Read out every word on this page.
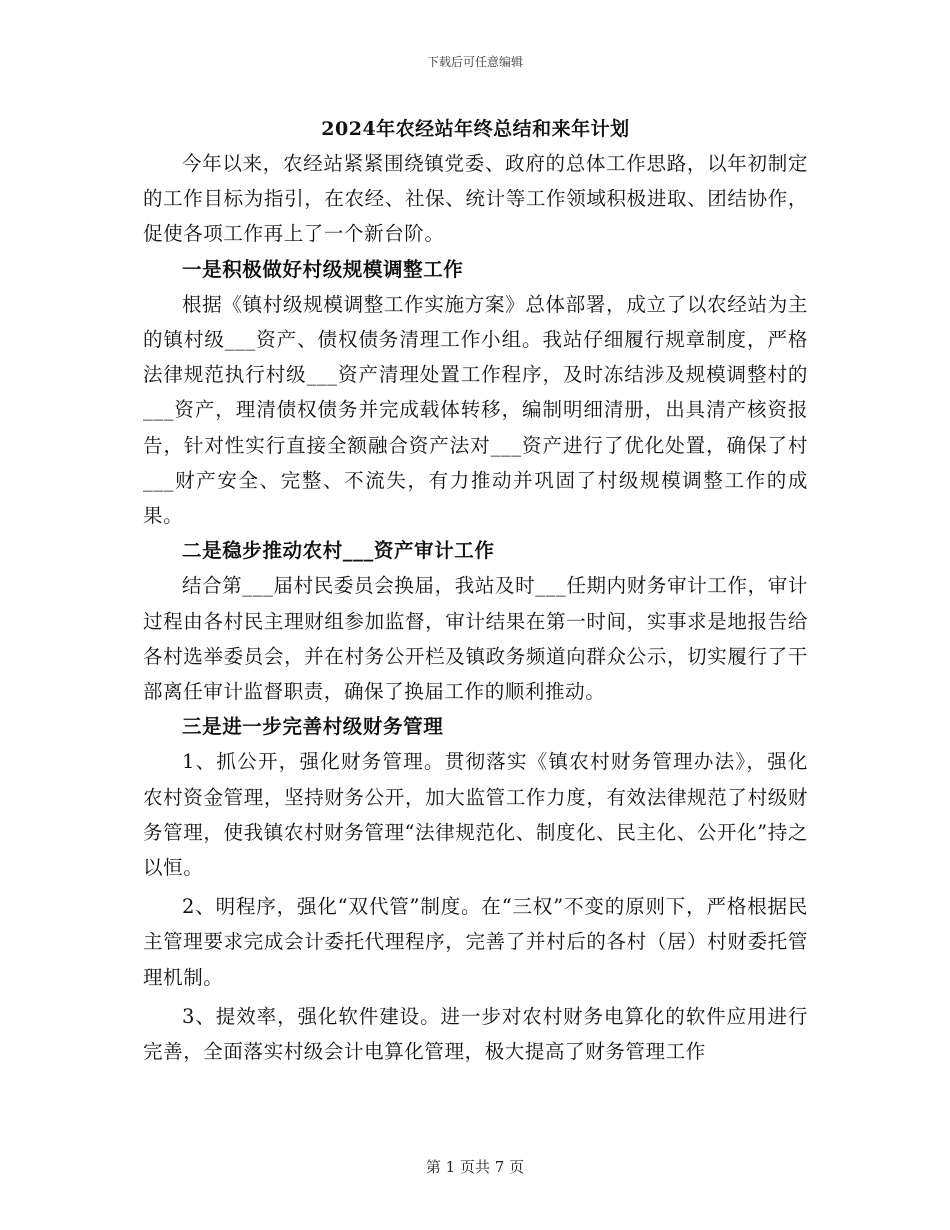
下载后可任意编辑

2024年农经站年终总结和来年计划

今年以来，农经站紧紧围绕镇党委、政府的总体工作思路，以年初制定的工作目标为指引，在农经、社保、统计等工作领域积极进取、团结协作，促使各项工作再上了一个新台阶。

一是积极做好村级规模调整工作

根据《镇村级规模调整工作实施方案》总体部署，成立了以农经站为主的镇村级___资产、债权债务清理工作小组。我站仔细履行规章制度，严格法律规范执行村级___资产清理处置工作程序，及时冻结涉及规模调整村的___资产，理清债权债务并完成载体转移，编制明细清册，出具清产核资报告，针对性实行直接全额融合资产法对___资产进行了优化处置，确保了村___财产安全、完整、不流失，有力推动并巩固了村级规模调整工作的成果。

二是稳步推动农村___资产审计工作

结合第___届村民委员会换届，我站及时___任期内财务审计工作，审计过程由各村民主理财组参加监督，审计结果在第一时间，实事求是地报告给各村选举委员会，并在村务公开栏及镇政务频道向群众公示，切实履行了干部离任审计监督职责，确保了换届工作的顺利推动。

三是进一步完善村级财务管理

1、抓公开，强化财务管理。贯彻落实《镇农村财务管理办法》，强化农村资金管理，坚持财务公开，加大监管工作力度，有效法律规范了村级财务管理，使我镇农村财务管理“法律规范化、制度化、民主化、公开化”持之以恒。

2、明程序，强化“双代管”制度。在“三权”不变的原则下，严格根据民主管理要求完成会计委托代理程序，完善了并村后的各村（居）村财委托管理机制。

3、提效率，强化软件建设。进一步对农村财务电算化的软件应用进行完善，全面落实村级会计电算化管理，极大提高了财务管理工作

第 1 页共 7 页
